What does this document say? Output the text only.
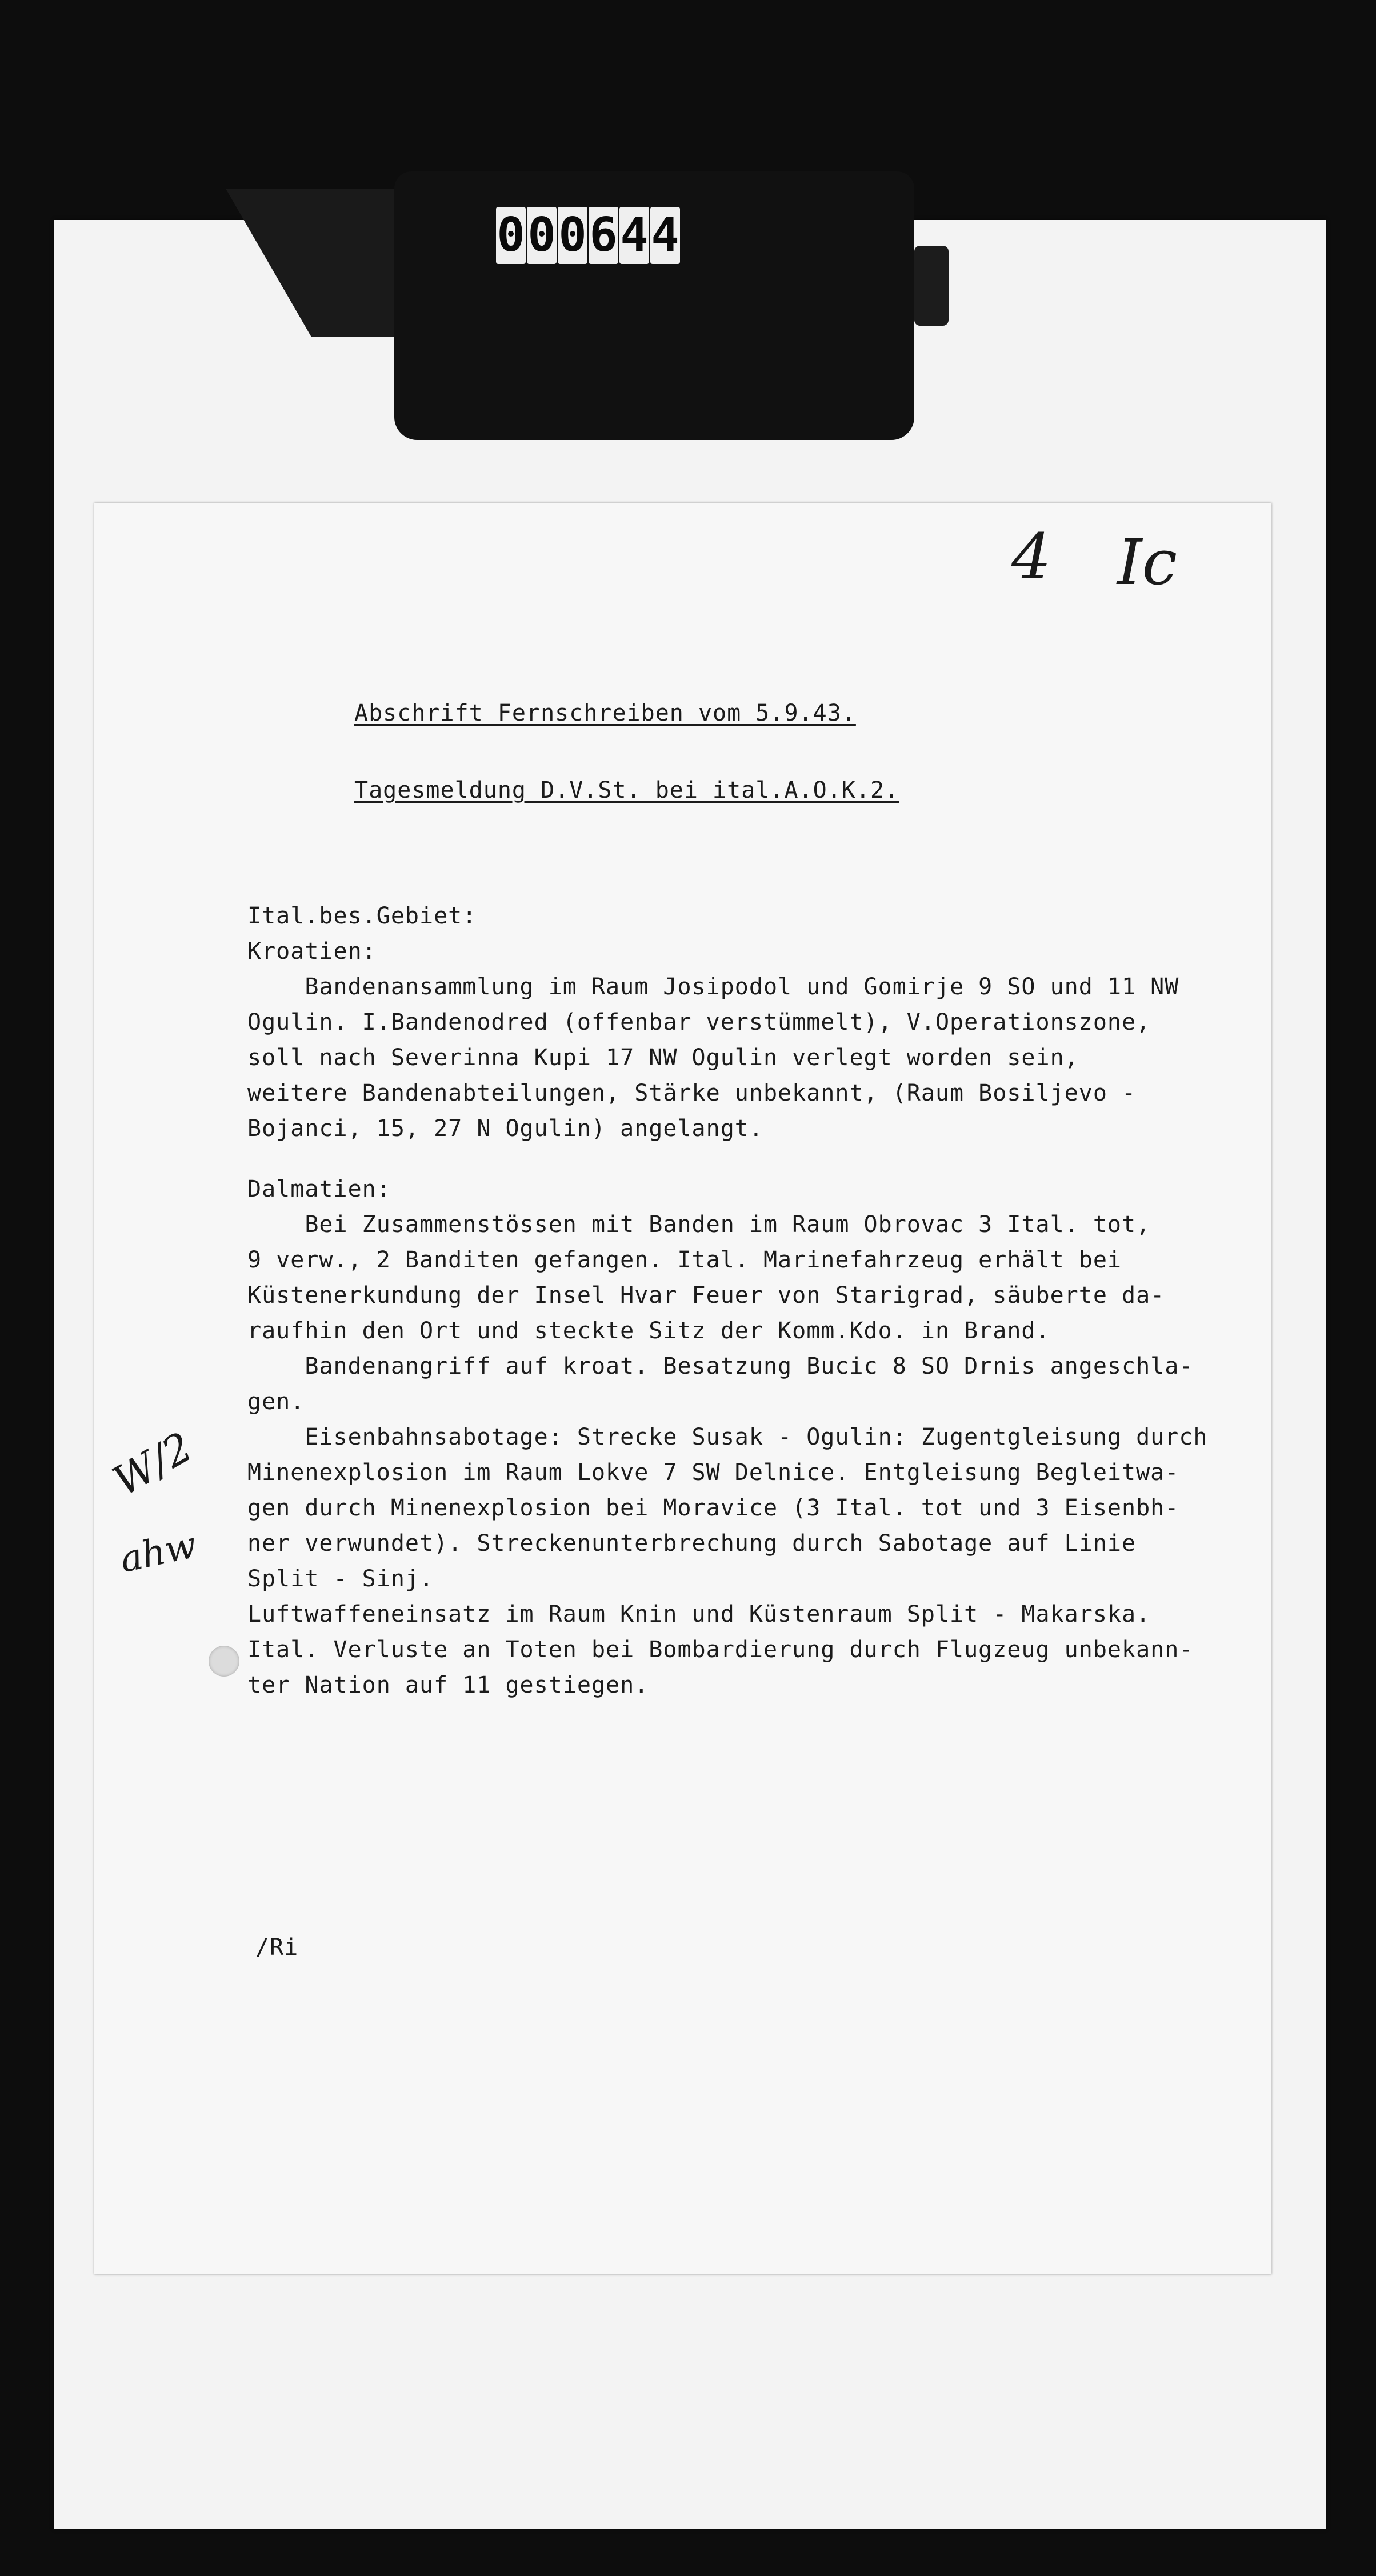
0 0 0 6 4 4
4 Ic
Abschrift Fernschreiben vom 5.9.43.
Tagesmeldung D.V.St. bei ital.A.O.K.2.
Ital.bes.Gebiet:
Kroatien:
Bandenansammlung im Raum Josipodol und Gomirje 9 SO und 11 NW
Ogulin. I.Bandenodred (offenbar verstümmelt), V.Operationszone,
soll nach Severinna Kupi 17 NW Ogulin verlegt worden sein,
weitere Bandenabteilungen, Stärke unbekannt, (Raum Bosiljevo -
Bojanci, 15, 27 N Ogulin) angelangt.
Dalmatien:
Bei Zusammenstössen mit Banden im Raum Obrovac 3 Ital. tot,
9 verw., 2 Banditen gefangen. Ital. Marinefahrzeug erhält bei
Küstenerkundung der Insel Hvar Feuer von Starigrad, säuberte da-
raufhin den Ort und steckte Sitz der Komm.Kdo. in Brand.
Bandenangriff auf kroat. Besatzung Bucic 8 SO Drnis angeschla-
gen.
Eisenbahnsabotage: Strecke Susak - Ogulin: Zugentgleisung durch
Minenexplosion im Raum Lokve 7 SW Delnice. Entgleisung Begleitwa-
gen durch Minenexplosion bei Moravice (3 Ital. tot und 3 Eisenbh-
ner verwundet). Streckenunterbrechung durch Sabotage auf Linie
Split - Sinj.
Luftwaffeneinsatz im Raum Knin und Küstenraum Split - Makarska.
Ital. Verluste an Toten bei Bombardierung durch Flugzeug unbekann-
ter Nation auf 11 gestiegen.
W/2
ahw
/Ri
